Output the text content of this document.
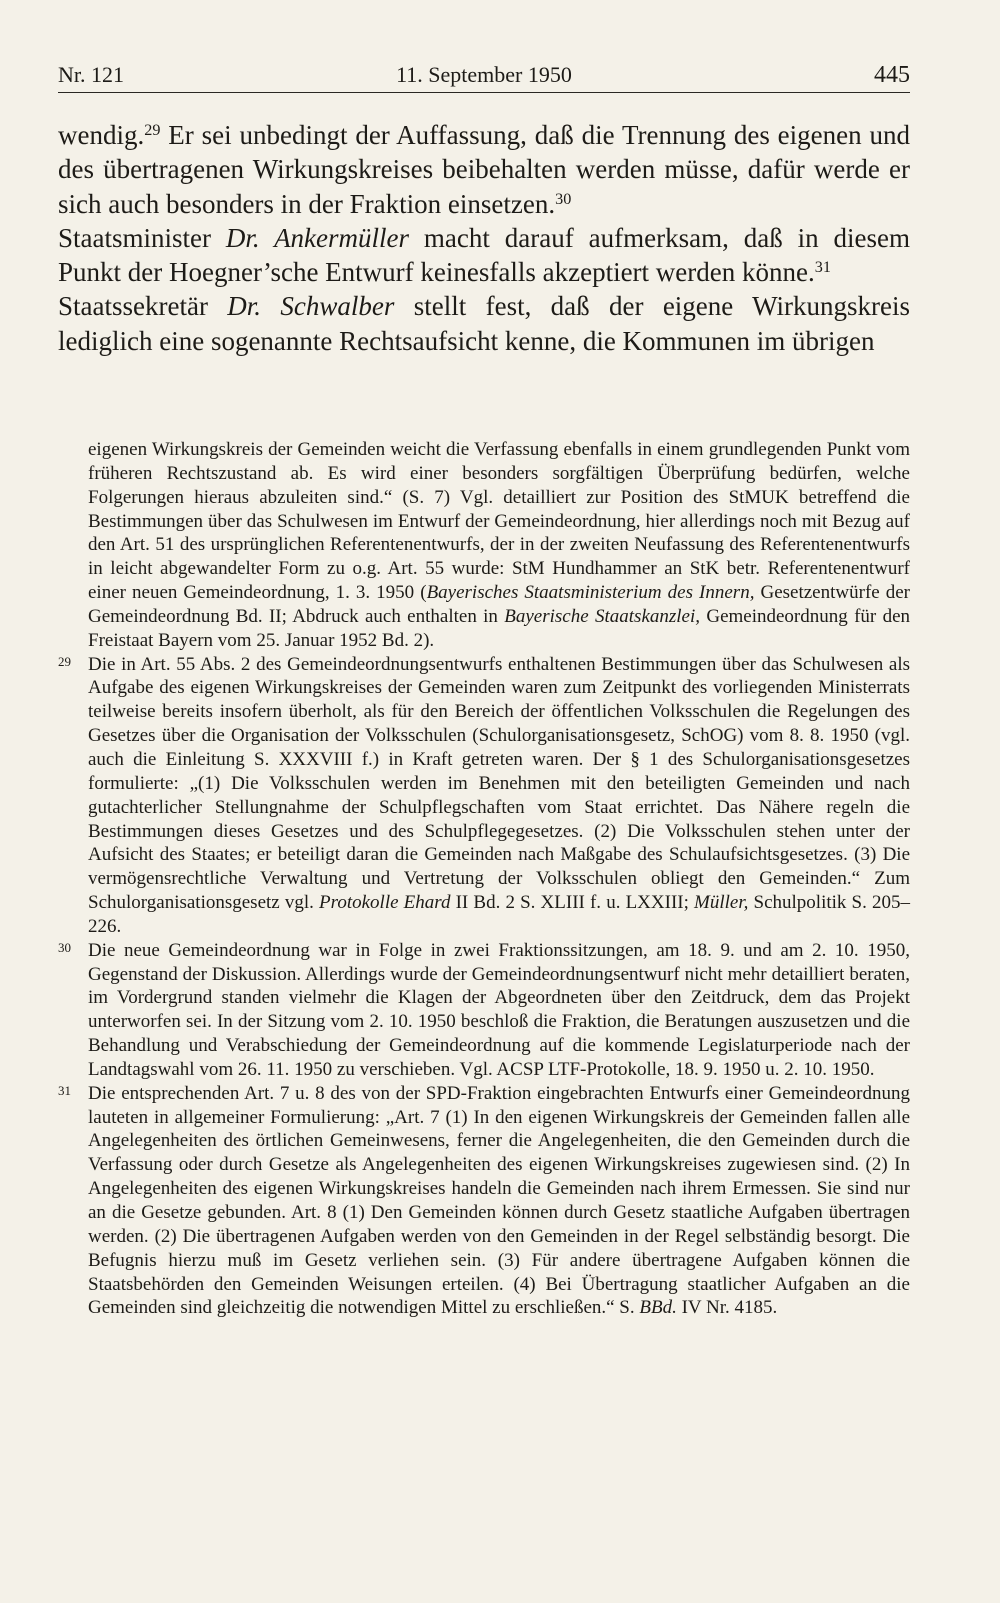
11. September 1950
Nr. 121	445

wendig.$^{29}$ Er sei unbedingt der Auffassung, daß die Trennung des eigenen und des übertragenen Wirkungskreises beibehalten werden müsse, dafür werde er sich auch besonders in der Fraktion einsetzen.$^{30}$

Staatsminister Dr. Ankermüller macht darauf aufmerksam, daß in diesem Punkt der Hoegner’sche Entwurf keinesfalls akzeptiert werden könne.$^{31}$

Staatssekretär Dr. Schwalber stellt fest, daß der eigene Wirkungskreis lediglich eine sogenannte Rechtsaufsicht kenne, die Kommunen im übrigen

eigenen Wirkungskreis der Gemeinden weicht die Verfassung ebenfalls in einem grundlegenden Punkt vom früheren Rechtszustand ab. Es wird einer besonders sorgfältigen Überprüfung bedürfen, welche Folgerungen hieraus abzuleiten sind.“ (S. 7) Vgl. detailliert zur Position des StMUK betreffend die Bestimmungen über das Schulwesen im Entwurf der Gemeindeordnung, hier allerdings noch mit Bezug auf den Art. 51 des ursprünglichen Referentenentwurfs, der in der zweiten Neufassung des Referentenentwurfs in leicht abgewandelter Form zu o.g. Art. 55 wurde: StM Hundhammer an StK betr. Referentenentwurf einer neuen Gemeindeordnung, 1. 3. 1950 (Bayerisches Staatsministerium des Innern, Gesetzentwürfe der Gemeindeordnung Bd. II; Abdruck auch enthalten in Bayerische Staatskanzlei, Gemeindeordnung für den Freistaat Bayern vom 25. Januar 1952 Bd. 2).

29 Die in Art. 55 Abs. 2 des Gemeindeordnungsentwurfs enthaltenen Bestimmungen über das Schulwesen als Aufgabe des eigenen Wirkungskreises der Gemeinden waren zum Zeitpunkt des vorliegenden Ministerrats teilweise bereits insofern überholt, als für den Bereich der öffentlichen Volksschulen die Regelungen des Gesetzes über die Organisation der Volksschulen (Schulorganisationsgesetz, SchOG) vom 8. 8. 1950 (vgl. auch die Einleitung S. XXXVIII f.) in Kraft getreten waren. Der § 1 des Schulorganisationsgesetzes formulierte: „(1) Die Volksschulen werden im Benehmen mit den beteiligten Gemeinden und nach gutachterlicher Stellungnahme der Schulpflegschaften vom Staat errichtet. Das Nähere regeln die Bestimmungen dieses Gesetzes und des Schulpflegegesetzes. (2) Die Volksschulen stehen unter der Aufsicht des Staates; er beteiligt daran die Gemeinden nach Maßgabe des Schulaufsichtsgesetzes. (3) Die vermögensrechtliche Verwaltung und Vertretung der Volksschulen obliegt den Gemeinden.“ Zum Schulorganisationsgesetz vgl. Protokolle Ehard II Bd. 2 S. XLIII f. u. LXXIII; Müller, Schulpolitik S. 205–226.

30 Die neue Gemeindeordnung war in Folge in zwei Fraktionssitzungen, am 18. 9. und am 2. 10. 1950, Gegenstand der Diskussion. Allerdings wurde der Gemeindeordnungsentwurf nicht mehr detailliert beraten, im Vordergrund standen vielmehr die Klagen der Abgeordneten über den Zeitdruck, dem das Projekt unterworfen sei. In der Sitzung vom 2. 10. 1950 beschloß die Fraktion, die Beratungen auszusetzen und die Behandlung und Verabschiedung der Gemeindeordnung auf die kommende Legislaturperiode nach der Landtagswahl vom 26. 11. 1950 zu verschieben. Vgl. ACSP LTF-Protokolle, 18. 9. 1950 u. 2. 10. 1950.

31 Die entsprechenden Art. 7 u. 8 des von der SPD-Fraktion eingebrachten Entwurfs einer Gemeindeordnung lauteten in allgemeiner Formulierung: „Art. 7 (1) In den eigenen Wirkungskreis der Gemeinden fallen alle Angelegenheiten des örtlichen Gemeinwesens, ferner die Angelegenheiten, die den Gemeinden durch die Verfassung oder durch Gesetze als Angelegenheiten des eigenen Wirkungskreises zugewiesen sind. (2) In Angelegenheiten des eigenen Wirkungskreises handeln die Gemeinden nach ihrem Ermessen. Sie sind nur an die Gesetze gebunden. Art. 8 (1) Den Gemeinden können durch Gesetz staatliche Aufgaben übertragen werden. (2) Die übertragenen Aufgaben werden von den Gemeinden in der Regel selbständig besorgt. Die Befugnis hierzu muß im Gesetz verliehen sein. (3) Für andere übertragene Aufgaben können die Staatsbehörden den Gemeinden Weisungen erteilen. (4) Bei Übertragung staatlicher Aufgaben an die Gemeinden sind gleichzeitig die notwendigen Mittel zu erschließen.“ S. BBd. IV Nr. 4185.
